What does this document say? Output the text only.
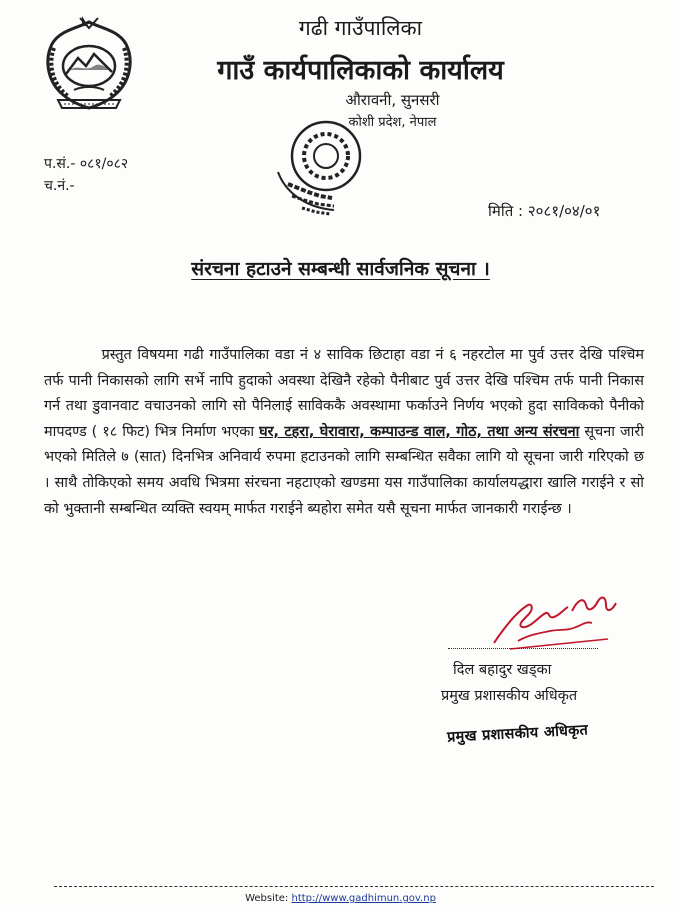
गढी गाउँपालिका
गाउँ कार्यपालिकाको कार्यालय
औरावनी, सुनसरी
कोशी प्रदेश, नेपाल
प.सं.- ०८१/०८२
च.नं.-
मिति : २०८१/०४/०१
संरचना हटाउने सम्बन्धी सार्वजनिक सूचना ।

    प्रस्तुत विषयमा गढी गाउँपालिका वडा नं ४ साविक छिटाहा वडा नं ६ नहरटोल मा पुर्व उत्तर देखि पश्चिम तर्फ पानी निकासको लागि सर्भे नापि हुदाको अवस्था देखिनै रहेको पैनीबाट पुर्व उत्तर देखि पश्चिम तर्फ पानी निकास गर्न तथा डुवानवाट वचाउनको लागि सो पैनिलाई साविककै अवस्थामा फर्काउने निर्णय भएको हुदा साविकको पैनीको मापदण्ड ( १८ फिट) भित्र निर्माण भएका घर, टहरा, घेरावारा, कम्पाउन्ड वाल, गोठ, तथा अन्य संरचना सूचना जारी भएको मितिले ७ (सात) दिनभित्र अनिवार्य रुपमा हटाउनको लागि सम्बन्धित सवैका लागि यो सूचना जारी गरिएको छ । साथै तोकिएको समय अवधि भित्रमा संरचना नहटाएको खण्डमा यस गाउँपालिका कार्यालयद्धारा खालि गराईने र सो को भुक्तानी सम्बन्धित व्यक्ति स्वयम् मार्फत गराईने ब्यहोरा समेत यसै सूचना मार्फत जानकारी गराईन्छ ।

दिल बहादुर खड्का
प्रमुख प्रशासकीय अधिकृत
प्रमुख प्रशासकीय अधिकृत
Website: http://www.gadhimun.gov.np
